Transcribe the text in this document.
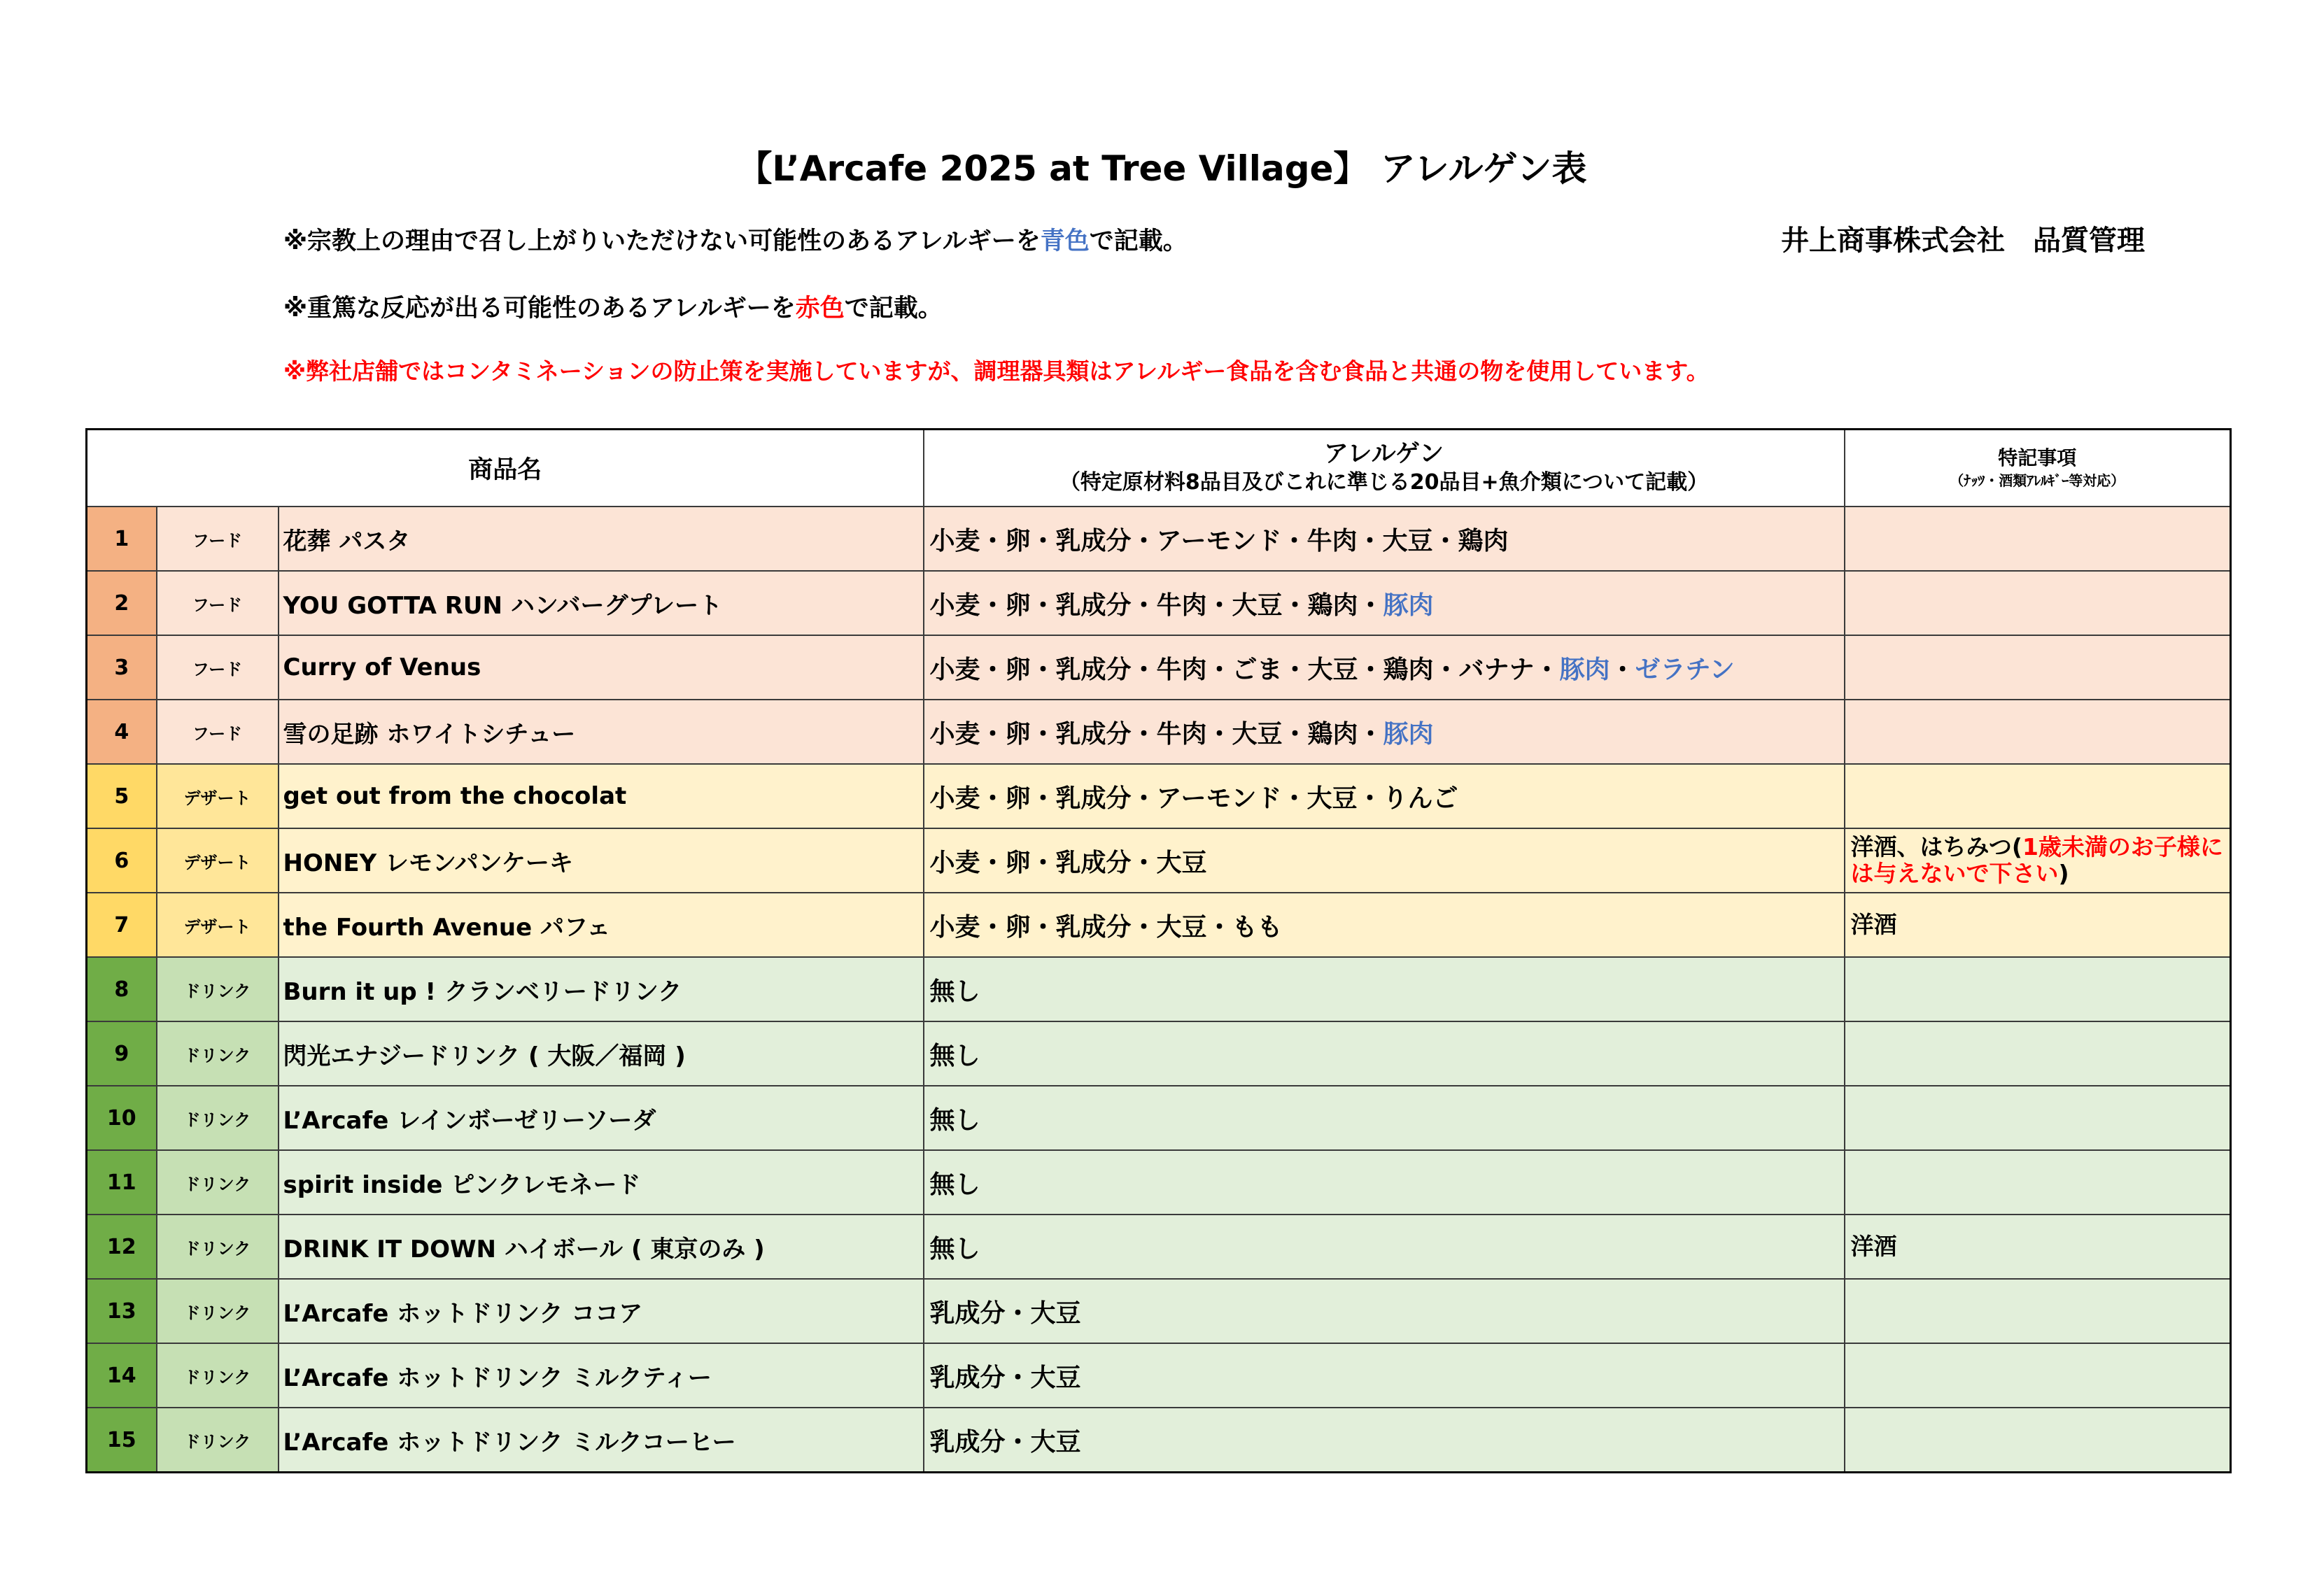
【L’Arcafe 2025 at Tree Village】 アレルゲン表
※宗教上の理由で召し上がりいただけない可能性のあるアレルギーを青色で記載。	井上商事株式会社　品質管理
※重篤な反応が出る可能性のあるアレルギーを赤色で記載。
※弊社店舗ではコンタミネーションの防止策を実施していますが、調理器具類はアレルギー食品を含む食品と共通の物を使用しています。
商品名			アレルゲン
（特定原材料8品目及びこれに準じる20品目+魚介類について記載）	特記事項
（ﾅｯﾂ・酒類ｱﾚﾙｷﾞｰ等対応）

1	フード	花葬 パスタ	小麦・卵・乳成分・アーモンド・牛肉・大豆・鶏肉	
2	フード	YOU GOTTA RUN ハンバーグプレート	小麦・卵・乳成分・牛肉・大豆・鶏肉・豚肉	
3	フード	Curry of Venus	小麦・卵・乳成分・牛肉・ごま・大豆・鶏肉・バナナ・豚肉・ゼラチン	
4	フード	雪の足跡 ホワイトシチュー	小麦・卵・乳成分・牛肉・大豆・鶏肉・豚肉	
5	デザート	get out from the chocolat	小麦・卵・乳成分・アーモンド・大豆・りんご	
6	デザート	HONEY レモンパンケーキ	小麦・卵・乳成分・大豆	洋酒、はちみつ(1歳未満のお子様には与えないで下さい)
7	デザート	the Fourth Avenue パフェ	小麦・卵・乳成分・大豆・もも	洋酒
8	ドリンク	Burn it up ! クランベリードリンク	無し	
9	ドリンク	閃光エナジードリンク ( 大阪／福岡 )	無し	
10	ドリンク	L’Arcafe レインボーゼリーソーダ	無し	
11	ドリンク	spirit inside ピンクレモネード	無し	
12	ドリンク	DRINK IT DOWN ハイボール ( 東京のみ )	無し	洋酒
13	ドリンク	L’Arcafe ホットドリンク ココア	乳成分・大豆	
14	ドリンク	L’Arcafe ホットドリンク ミルクティー	乳成分・大豆	
15	ドリンク	L’Arcafe ホットドリンク ミルクコーヒー	乳成分・大豆	
